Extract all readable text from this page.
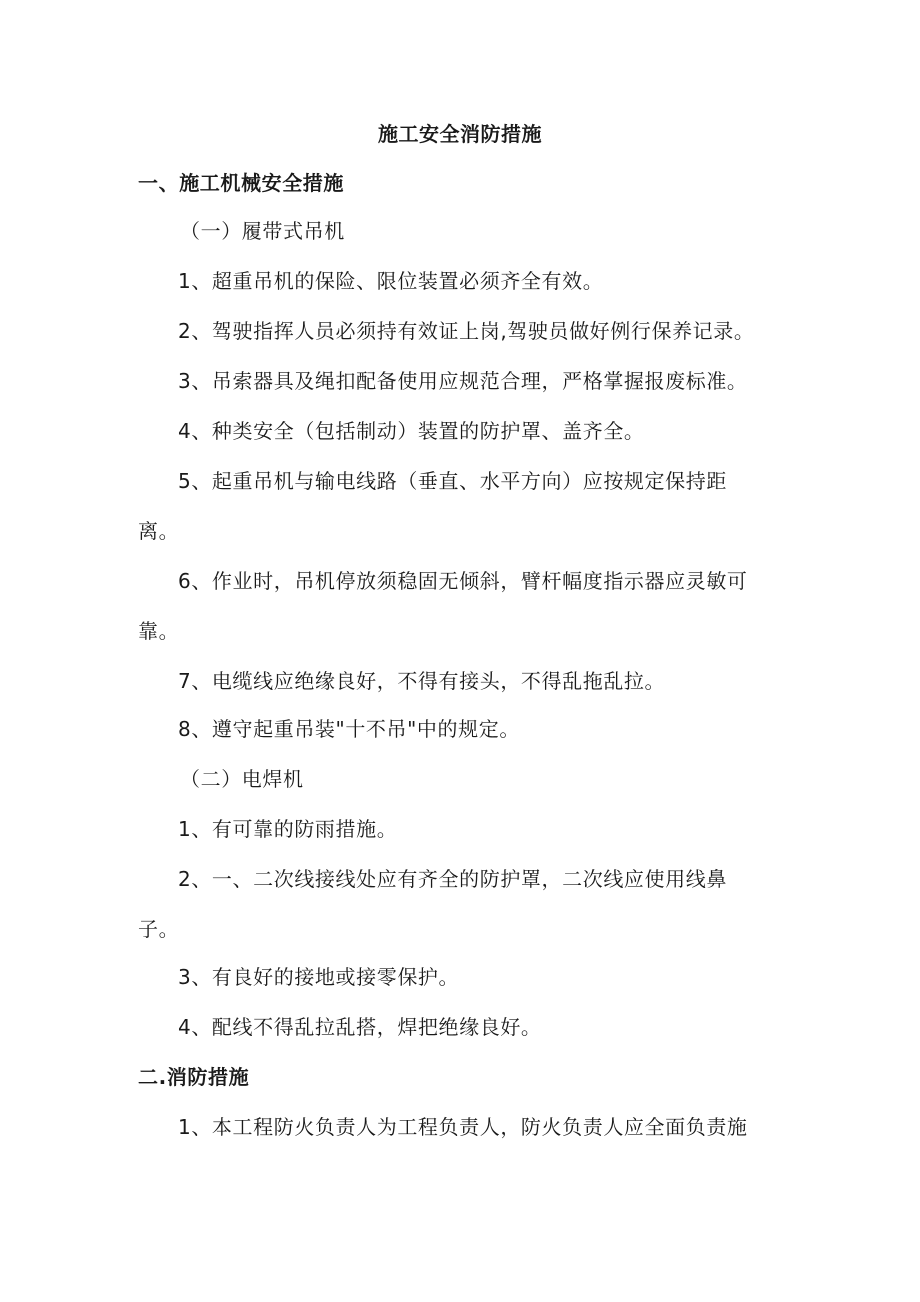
施工安全消防措施
一、施工机械安全措施
（一）履带式吊机
1、超重吊机的保险、限位装置必须齐全有效。
2、驾驶指挥人员必须持有效证上岗,驾驶员做好例行保养记录。
3、吊索器具及绳扣配备使用应规范合理，严格掌握报废标准。
4、种类安全（包括制动）装置的防护罩、盖齐全。
5、起重吊机与输电线路（垂直、水平方向）应按规定保持距
离。
6、作业时，吊机停放须稳固无倾斜，臂杆幅度指示器应灵敏可
靠。
7、电缆线应绝缘良好，不得有接头，不得乱拖乱拉。
8、遵守起重吊装"十不吊"中的规定。
（二）电焊机
1、有可靠的防雨措施。
2、一、二次线接线处应有齐全的防护罩，二次线应使用线鼻
子。
3、有良好的接地或接零保护。
4、配线不得乱拉乱搭，焊把绝缘良好。
二.消防措施
1、本工程防火负责人为工程负责人，防火负责人应全面负责施
